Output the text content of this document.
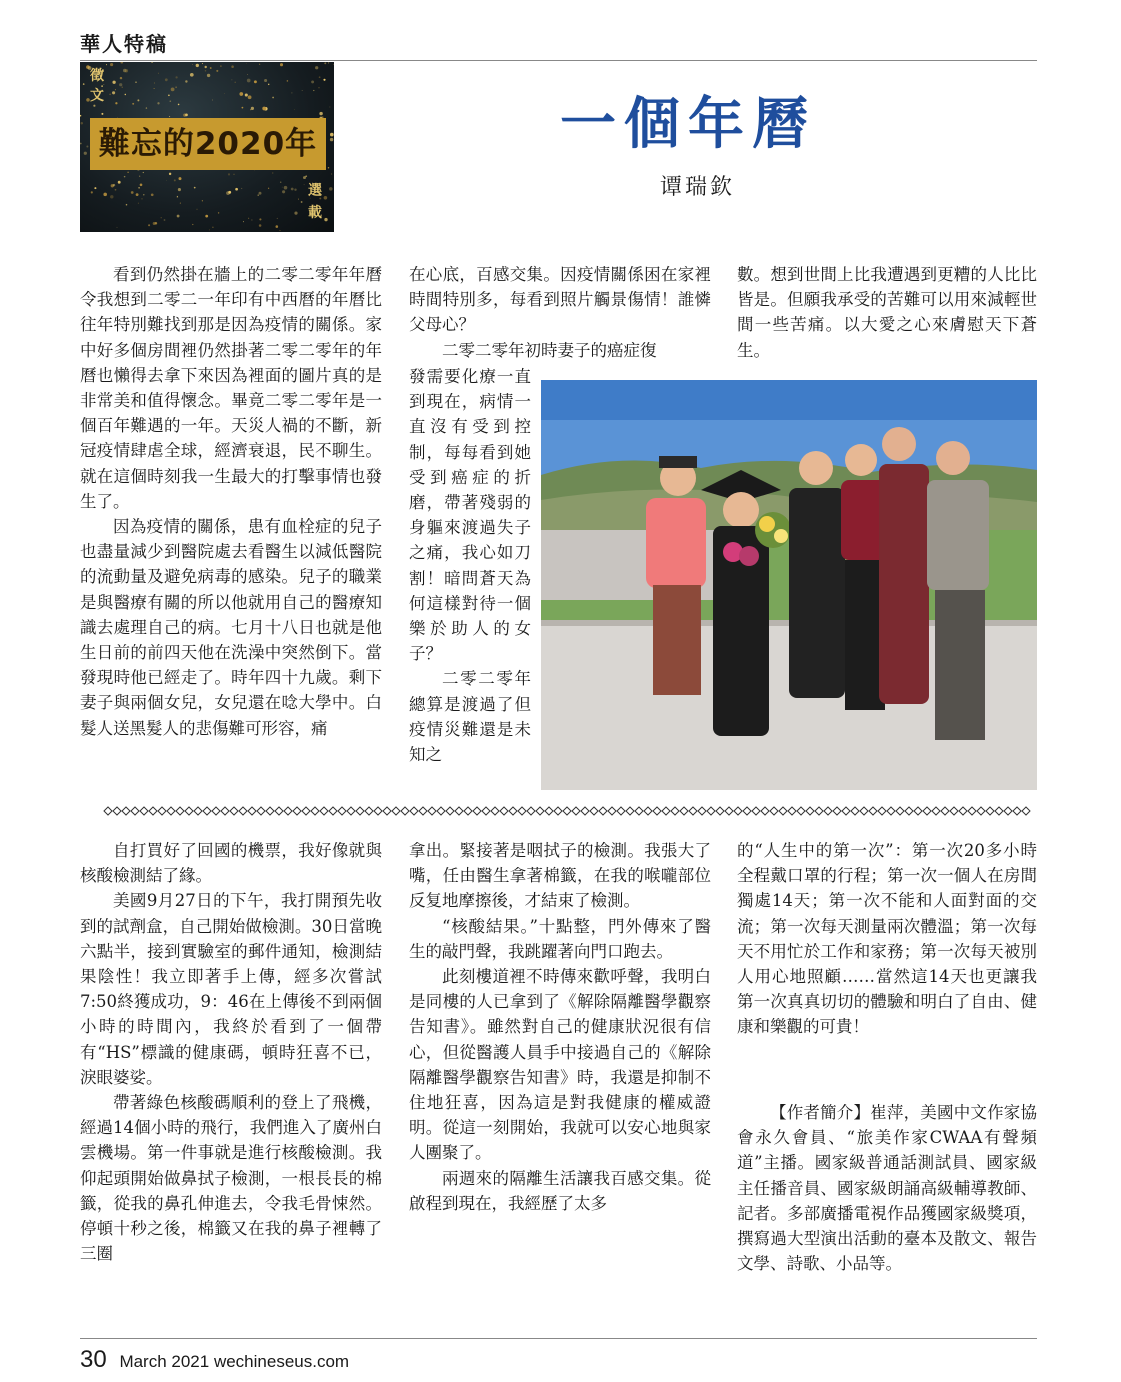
華人特稿
徵
文
難忘的2020年
選
載
一個年曆
谭瑞欽

看到仍然掛在牆上的二零二零年年曆令我想到二零二一年印有中西曆的年曆比往年特別難找到那是因為疫情的關係。家中好多個房間裡仍然掛著二零二零年的年曆也懶得去拿下來因為裡面的圖片真的是非常美和值得懷念。畢竟二零二零年是一個百年難遇的一年。天災人禍的不斷，新冠疫情肆虐全球，經濟衰退，民不聊生。就在這個時刻我一生最大的打擊事情也發生了。

因為疫情的關係，患有血栓症的兒子也盡量減少到醫院處去看醫生以減低醫院的流動量及避免病毒的感染。兒子的職業是與醫療有關的所以他就用自己的醫療知識去處理自己的病。七月十八日也就是他生日前的前四天他在洗澡中突然倒下。當發現時他已經走了。時年四十九歲。剩下妻子與兩個女兒，女兒還在唸大學中。白髮人送黑髮人的悲傷難可形容，痛

在心底，百感交集。因疫情關係困在家裡時間特別多，每看到照片觸景傷情！誰憐父母心？

二零二零年初時妻子的癌症復

發需要化療一直到現在，病情一直沒有受到控制，每每看到她受到癌症的折磨，帶著殘弱的身軀來渡過失子之痛，我心如刀割！暗問蒼天為何這樣對待一個樂於助人的女子？

二零二零年總算是渡過了但疫情災難還是未知之

數。想到世間上比我遭遇到更糟的人比比皆是。但願我承受的苦難可以用來減輕世間一些苦痛。以大愛之心來膚慰天下蒼生。

自打買好了回國的機票，我好像就與核酸檢測結了緣。

美國9月27日的下午，我打開預先收到的試劑盒，自己開始做檢測。30日當晚六點半，接到實驗室的郵件通知，檢測結果陰性！我立即著手上傳，經多次嘗試7:50終獲成功，9：46在上傳後不到兩個小時的時間內，我終於看到了一個帶有“HS”標識的健康碼，頓時狂喜不已，淚眼婆娑。

帶著綠色核酸碼順利的登上了飛機，經過14個小時的飛行，我們進入了廣州白雲機場。第一件事就是進行核酸檢測。我仰起頭開始做鼻拭子檢測，一根長長的棉籤，從我的鼻孔伸進去，令我毛骨悚然。停頓十秒之後，棉籤又在我的鼻子裡轉了三圈

拿出。緊接著是咽拭子的檢測。我張大了嘴，任由醫生拿著棉籤，在我的喉嚨部位反复地摩擦後，才結束了檢測。

“核酸結果。”十點整，門外傳來了醫生的敲門聲，我跳躍著向門口跑去。

此刻樓道裡不時傳來歡呼聲，我明白是同樓的人已拿到了《解除隔離醫學觀察告知書》。雖然對自己的健康狀況很有信心，但從醫護人員手中接過自己的《解除隔離醫學觀察告知書》時，我還是抑制不住地狂喜，因為這是對我健康的權威證明。從這一刻開始，我就可以安心地與家人團聚了。

兩週來的隔離生活讓我百感交集。從啟程到現在，我經歷了太多

的“人生中的第一次”：第一次20多小時全程戴口罩的行程；第一次一個人在房間獨處14天；第一次不能和人面對面的交流；第一次每天測量兩次體溫；第一次每天不用忙於工作和家務；第一次每天被別人用心地照顧……當然這14天也更讓我第一次真真切切的體驗和明白了自由、健康和樂觀的可貴！

【作者簡介】崔萍，美國中文作家協會永久會員、“旅美作家CWAA有聲頻道”主播。國家級普通話測試員、國家級主任播音員、國家級朗誦高級輔導教師、記者。多部廣播電視作品獲國家級獎項，撰寫過大型演出活動的臺本及散文、報告文學、詩歌、小品等。

30 March 2021 wechineseus.com
